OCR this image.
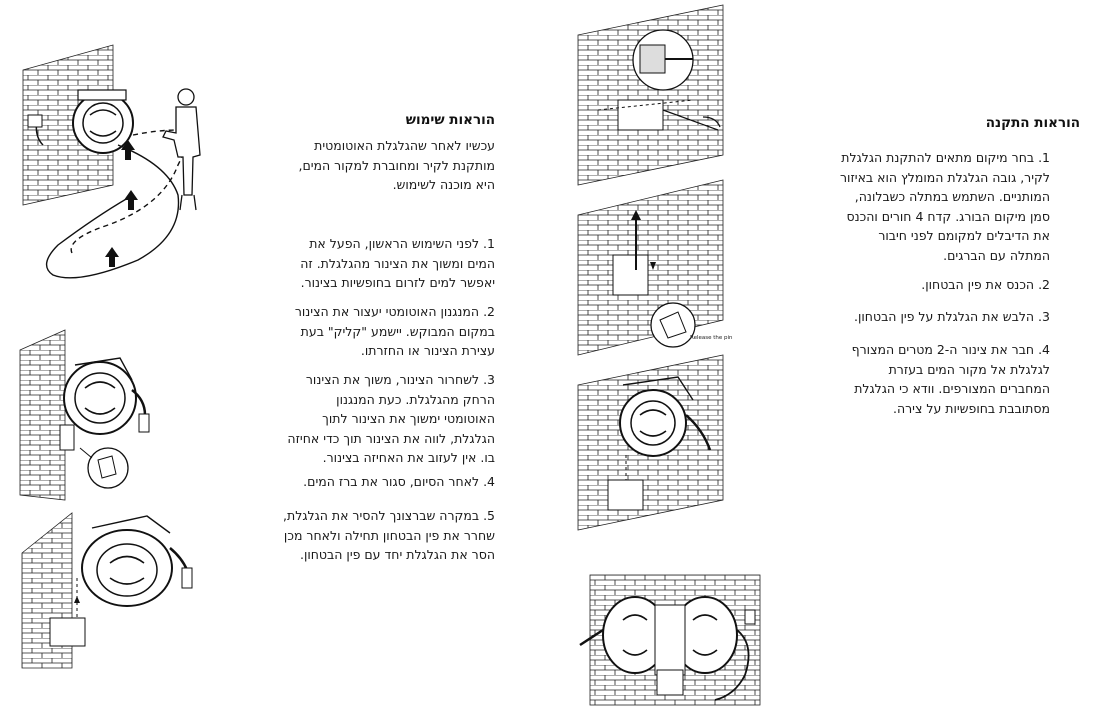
הוראות שימוש

עכשיו לאחר שהגלגלת האוטומטית

מותקנת לקיר ומחוברת למקור המים,

היא מוכנה לשימוש.

1. לפני השימוש הראשון, הפעל את

המים ומשוך את הצינור מהגלגלת. זה

יאפשר למים לזרום בחופשיות בצינור.

2. המנגנון האוטומטי יעצור את הצינור

במקום המבוקש. יישמע "קליק" בעת

עצירת הצינור או החזרתו.

3. לשחרור הצינור, משוך את הצינור

הרחק מהגלגלת. כעת המנגנון

האוטומטי ימשוך את הצינור לתוך

הגלגלת, לווה את הצינור תוך כדי אחיזה

בו. אין לעזוב את האחיזה בצינור.

4. לאחר הסיום, סגור את ברז המים.

5. במקרה שברצונך להסיר את הגלגלת,

שחרר את פין הבטחון תחילה ולאחר מכן

הסר את הגלגלת יחד עם פין הבטחון.

Release the pin
הוראות התקנה

1. בחר מיקום מתאים להתקנת הגלגלת

לקיר, גובה הגלגלת המומלץ הוא באיזור

המותניים. השתמש במתלה כשבלונה,

סמן מיקום הבורג. קדח 4 חורים והכנס

את הדיבלים למקומם לפני חיבור

המתלה עם הברגים.

2. הכנס את פין הבטחון.

3. הלבש את הגלגלת על פין הבטחון.

4. חבר את צינור ה-2 מטרים המצורף

לגלגלת אל מקור המים בעזרת

המחברים המצורפים. וודא כי הגלגלת

מסתובבת בחופשיות על צירה.
